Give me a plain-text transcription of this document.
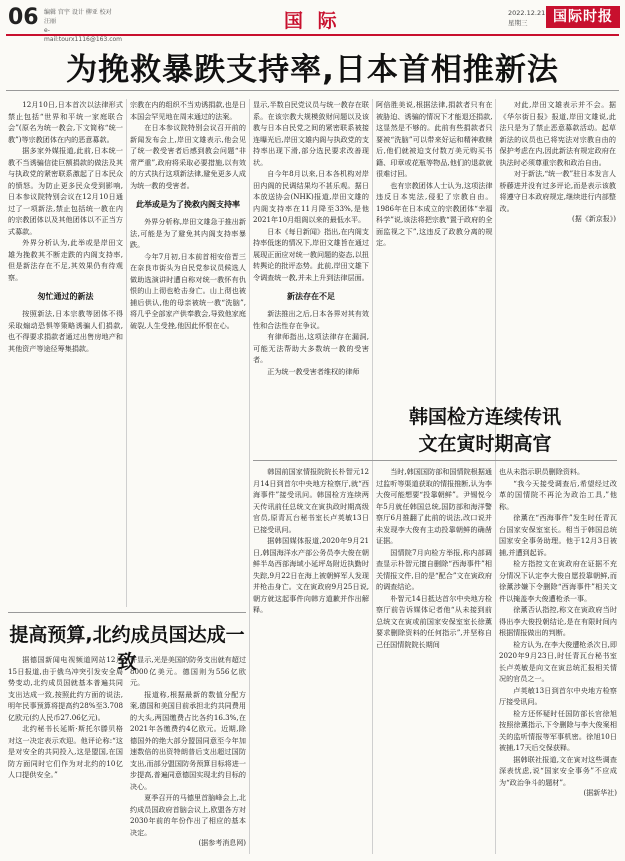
06 编辑 宫宇 设计 柳亚 校对 汪丽
e-mail:tourx1116@163.com
国 际	2022.12.21
星期三	国际时报
为挽救暴跌支持率,日本首相推新法

12月10日,日本首次以法律形式禁止包括“世界和平统一家庭联合会”(原名为统一教会,下文简称“统一教”)等宗教团体在内的恶意募款。

据多家外媒报道,此前,日本统一教不当诱骗信徒巨额捐款的做法及其与执政党的紧密联系激起了日本民众的愤怒。为防止更多民众受到影响,日本参议院特别会议在12月10日通过了一项新法,禁止包括统一教在内的宗教团体以及其他团体以不正当方式募款。

外界分析认为,此举或是岸田文雄为挽救其不断走跌的内阁支持率,但是新法存在不足,其效果仍有待观察。

匆忙通过的新法

按照新法,日本宗教等团体不得采取煽动恐惧等策略诱骗人们捐款,也不得要求捐款者通过出售房地产和其他资产等途径筹集捐款。

宗教在内的组织不当劝诱捐款,也是日本国会罕见地在周末通过的法案。

在日本参议院特别会议召开前的新闻发布会上,岸田文雄表示,他会见了统一教受害者后感到教会问题“非常严重”,政府将采取必要措施,以有效的方式执行这项新法律,避免更多人成为统一教的受害者。

此举或是为了挽救内阁支持率

外界分析称,岸田文雄急于推出新法,可能是为了避免其内阁支持率暴跌。

今年7月初,日本前首相安倍晋三在奈良市街头为自民党参议员候选人做助选演讲时遭自称对统一教怀有仇恨的山上彻也枪击身亡。山上彻也被捕后供认,他的母亲被统一教“洗脑”,将几乎全部家产供奉教会,导致他家庭破裂,人生受挫,他因此怀恨在心。

显示,半数自民党议员与统一教存在联系。在该宗教大规模敛财问题以及该教与日本自民党之间的紧密联系被接连曝光后,岸田文雄内阁与执政党的支持率出现下滑,部分选民要求改善现状。

自今年8月以来,日本各机构对岸田内阁的民调结果均不甚乐观。据日本放送协会(NHK)报道,岸田文雄的内阁支持率在11月降至33%,是他2021年10月组阁以来的最低水平。

日本《每日新闻》指出,在内阁支持率低迷的情况下,岸田文雄旨在通过展现正面应对统一教问题的姿态,以扭转舆论的批评态势。此前,岸田文雄下令调查统一教,并未上升到法律层面。

新法存在不足

新法推出之后,日本各界对其有效性和合法性存在争议。

有律师指出,这项法律存在漏洞,可能无法帮助大多数统一教的受害者。

正为统一教受害者维权的律师

阿倍胜美说,根据法律,捐款者只有在被胁迫、诱骗的情况下才能退还捐款,这显然是不够的。此前有些捐款者只要被“洗脑”可以带来好运和精神救赎后,他们就被迫支付数万美元购买书籍、印章或花瓶等物品,他们的退款就很难讨回。

也有宗教团体人士认为,这项法律违反日本宪法,侵犯了宗教自由。1986年在日本成立的宗教团体“幸福科学”说,该法将把宗教“置于政府的全面监视之下”,这违反了政教分离的规定。

对此,岸田文雄表示并不会。据《华尔街日报》报道,岸田文雄说,此法只是为了禁止恶意募款活动。起草新法的议员也已将宪法对宗教自由的保护考虑在内,因此新法有规定政府在执法时必须尊重宗教和政治自由。

对于新法,“统一教”驻日本发言人桥藤进并没有过多评论,而是表示该教将遵守日本政府规定,继续进行内部整改。

(据《新京报》)
韩国检方连续传讯
文在寅时期高官

韩国前国家情报院院长朴智元12月14日到首尔中央地方检察厅,就“西海事件”接受讯问。韩国检方连续两天传讯前任总统文在寅执政时期高级官员,原青瓦台秘书室长卢英敏13日已接受讯问。

据韩国媒体报道,2020年9月21日,韩国海洋水产部公务员李大俊在朝鲜半岛西部海域小延坪岛附近执勤时失踪,9月22日在海上被朝鲜军人发现并枪击身亡。文在寅政府9月25日说,朝方就这起事件向韩方道歉并作出解释。

当时,韩国国防部和国情院根据通过监听等渠道获取的情报推断,认为李大俊可能想要“投靠朝鲜”。尹锡悦今年5月就任韩国总统,国防部和海洋警察厅6月推翻了此前的说法,改口说并未发现李大俊有主动投靠朝鲜的确凿证据。

国情院7月向检方举报,称内部调查显示朴智元擅自删除“西海事件”相关情报文件,目的是“配合”文在寅政府的调查结论。

朴智元14日抵达首尔中央地方检察厅前告诉媒体记者他“从未接到前总统文在寅或前国家安保室室长徐薰要求删除资料的任何指示”,并坚称自己任国情院院长期间

也从未指示职员删除资料。

“我今天接受调查后,希望经过改革的国情院不再沦为政治工具,”他称。

徐薰在“西海事件”发生时任青瓦台国家安保室室长。相当于韩国总统国家安全事务助理。他于12月3日被捕,并遭到起诉。

检方指控文在寅政府在证据不充分情况下认定李大俊自愿投靠朝鲜,而徐薰涉嫌下令删除“西海事件”相关文件以掩盖李大俊遭枪杀一事。

徐薰否认指控,称文在寅政府当时得出李大俊投朝结论,是在有限时间内根据情报做出的判断。

检方认为,在李大俊遭枪杀次日,即2020年9月23日,时任青瓦台秘书室长卢英敏是向文在寅总统汇报相关情况的官员之一。

卢英敏13日到首尔中央地方检察厅接受讯问。

检方还怀疑时任国防部长官徐旭按照徐薰指示,下令删除与李大俊案相关的监听情报等军事机密。徐旭10日被捕,17天后交保获释。

据韩联社报道,文在寅对这些调查深表忧虑,说“国家安全事务”不应成为“政治争斗的题材”。

(据新华社)
提高预算,北约成员国达成一致

据德国新闻电视频道网站12月15日报道,由于俄乌冲突引发安全局势变动,北约成员国就基本普遍共同支出达成一致,按照此约方面的说法,明年民事预算将提高约28%至3.708亿欧元(约人民币27.06亿元)。

北约秘书长延斯·斯托尔滕贝格对这一决定表示欢迎。他评论称:“这是对安全的共同投入,这是盟国,在国防方面同时它们作为对北约的10亿人口提供安全。”

件显示,光是美国的防务支出就有超过8000亿美元。德国则为556亿欧元。

报道称,根据最新的数值分配方案,德国和美国目前承担北约共同费用的大头,两国缴费占比各约16.3%,在2021年各缴费约4亿欧元。近期,除德国外的绝大部分盟国同意至今年加速数倍的出资特朗普后支出超过国防支出,而部分盟国防务预算目标将进一步提高,普遍同意德国实现北约目标的决心。

夏季召开的马德里首脑峰会上,北约成员国政府首脑会议上,欧盟各方对2030年前的年份作出了相应的基本决定。

(据参考消息网)
